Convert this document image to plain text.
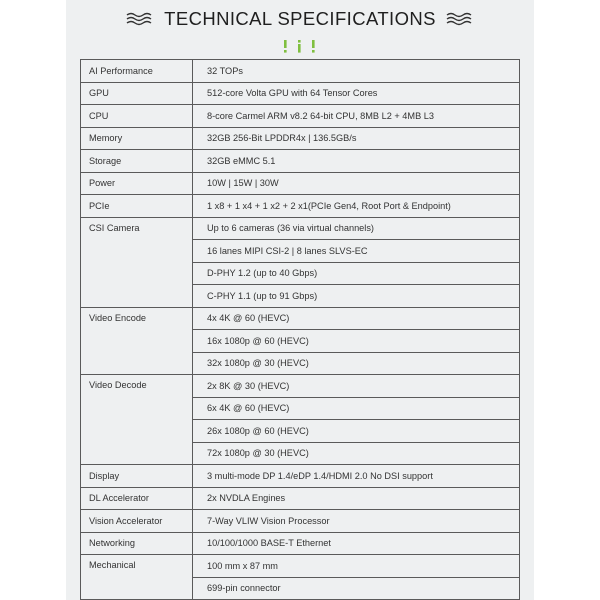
TECHNICAL SPECIFICATIONS
AI Performance	32 TOPs
GPU	512-core Volta GPU with 64 Tensor Cores
CPU	8-core Carmel ARM v8.2 64-bit CPU, 8MB L2 + 4MB L3
Memory	32GB 256-Bit LPDDR4x | 136.5GB/s
Storage	32GB eMMC 5.1
Power	10W | 15W | 30W
PCIe	1 x8 + 1 x4 + 1 x2 + 2 x1(PCIe Gen4, Root Port & Endpoint)
CSI Camera	Up to 6 cameras (36 via virtual channels)
	16 lanes MIPI CSI-2 | 8 lanes SLVS-EC
	D-PHY 1.2 (up to 40 Gbps)
	C-PHY 1.1 (up to 91 Gbps)
Video Encode	4x 4K @ 60 (HEVC)
	16x 1080p @ 60 (HEVC)
	32x 1080p @ 30 (HEVC)
Video Decode	2x 8K @ 30 (HEVC)
	6x 4K @ 60 (HEVC)
	26x 1080p @ 60 (HEVC)
	72x 1080p @ 30 (HEVC)
Display	3 multi-mode DP 1.4/eDP 1.4/HDMI 2.0 No DSI support
DL Accelerator	2x NVDLA Engines
Vision Accelerator	7-Way VLIW Vision Processor
Networking	10/100/1000 BASE-T Ethernet
Mechanical	100 mm x 87 mm
	699-pin connector
